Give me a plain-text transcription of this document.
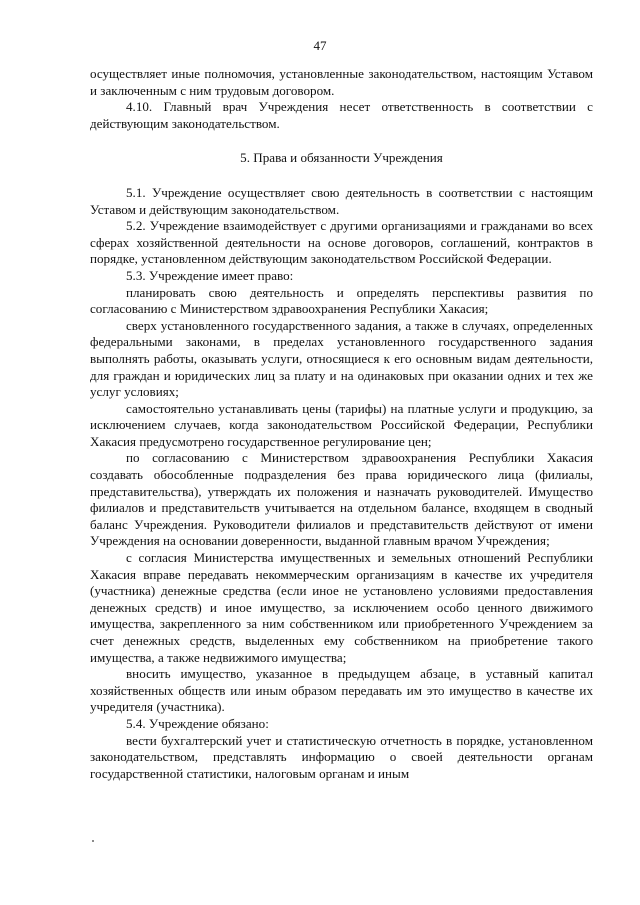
47

осуществляет иные полномочия, установленные законодательством, настоящим Уставом и заключенным с ним трудовым договором.

4.10. Главный врач Учреждения несет ответственность в соответствии с действующим законодательством.

5. Права и обязанности Учреждения

5.1. Учреждение осуществляет свою деятельность в соответствии с настоящим Уставом и действующим законодательством.

5.2. Учреждение взаимодействует с другими организациями и гражданами во всех сферах хозяйственной деятельности на основе договоров, соглашений, контрактов в порядке, установленном действующим законодательством Российской Федерации.

5.3. Учреждение имеет право:

планировать свою деятельность и определять перспективы развития по согласованию с Министерством здравоохранения Республики Хакасия;

сверх установленного государственного задания, а также в случаях, определенных федеральными законами, в пределах установленного государственного задания выполнять работы, оказывать услуги, относящиеся к его основным видам деятельности, для граждан и юридических лиц за плату и на одинаковых при оказании одних и тех же услуг условиях;

самостоятельно устанавливать цены (тарифы) на платные услуги и продукцию, за исключением случаев, когда законодательством Российской Федерации, Республики Хакасия предусмотрено государственное регулирование цен;

по согласованию с Министерством здравоохранения Республики Хакасия создавать обособленные подразделения без права юридического лица (филиалы, представительства), утверждать их положения и назначать руководителей. Имущество филиалов и представительств учитывается на отдельном балансе, входящем в сводный баланс Учреждения. Руководители филиалов и представительств действуют от имени Учреждения на основании доверенности, выданной главным врачом Учреждения;

с согласия Министерства имущественных и земельных отношений Республики Хакасия вправе передавать некоммерческим организациям в качестве их учредителя (участника) денежные средства (если иное не установлено условиями предоставления денежных средств) и иное имущество, за исключением особо ценного движимого имущества, закрепленного за ним собственником или приобретенного Учреждением за счет денежных средств, выделенных ему собственником на приобретение такого имущества, а также недвижимого имущества;

вносить имущество, указанное в предыдущем абзаце, в уставный капитал хозяйственных обществ или иным образом передавать им это имущество в качестве их учредителя (участника).

5.4. Учреждение обязано:

вести бухгалтерский учет и статистическую отчетность в порядке, установленном законодательством, представлять информацию о своей деятельности органам государственной статистики, налоговым органам и иным
